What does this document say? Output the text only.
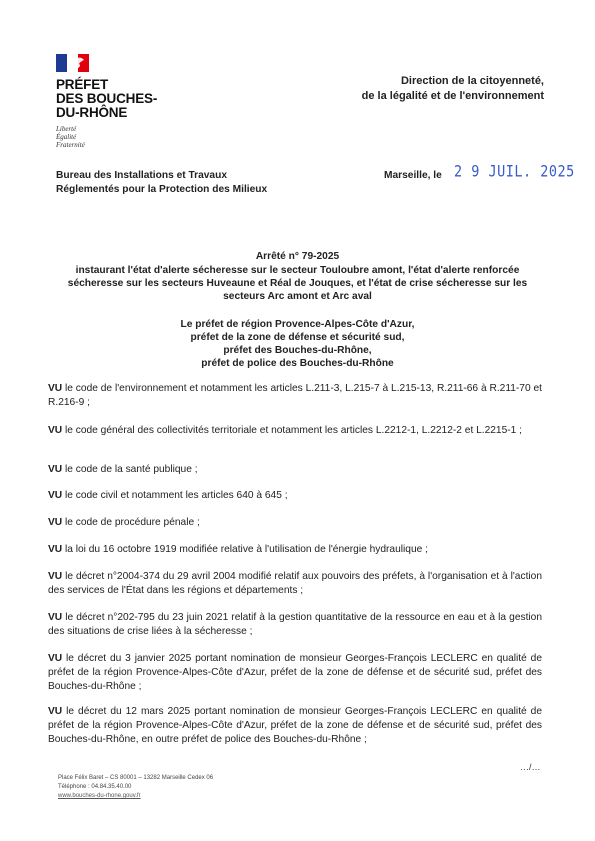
PRÉFET
DES BOUCHES-
DU-RHÔNE
Liberté
Égalité
Fraternité
Direction de la citoyenneté,
de la légalité et de l'environnement
Bureau des Installations et Travaux
Réglementés pour la Protection des Milieux
Marseille, le 2 9 JUIL. 2025
Arrêté n° 79-2025
instaurant l'état d'alerte sécheresse sur le secteur Touloubre amont, l'état d'alerte renforcée
sécheresse sur les secteurs Huveaune et Réal de Jouques, et l'état de crise sécheresse sur les
secteurs Arc amont et Arc aval
Le préfet de région Provence-Alpes-Côte d'Azur,
préfet de la zone de défense et sécurité sud,
préfet des Bouches-du-Rhône,
préfet de police des Bouches-du-Rhône
VU le code de l'environnement et notamment les articles L.211-3, L.215-7 à L.215-13, R.211-66 à R.211-70 et R.216-9 ;
VU le code général des collectivités territoriale et notamment les articles L.2212-1, L.2212-2 et L.2215-1 ;
VU le code de la santé publique ;
VU le code civil et notamment les articles 640 à 645 ;
VU le code de procédure pénale ;
VU la loi du 16 octobre 1919 modifiée relative à l'utilisation de l'énergie hydraulique ;
VU le décret n°2004-374 du 29 avril 2004 modifié relatif aux pouvoirs des préfets, à l'organisation et à l'action des services de l'État dans les régions et départements ;
VU le décret n°202-795 du 23 juin 2021 relatif à la gestion quantitative de la ressource en eau et à la gestion des situations de crise liées à la sécheresse ;
VU le décret du 3 janvier 2025 portant nomination de monsieur Georges-François LECLERC en qualité de préfet de la région Provence-Alpes-Côte d'Azur, préfet de la zone de défense et de sécurité sud, préfet des Bouches-du-Rhône ;
VU le décret du 12 mars 2025 portant nomination de monsieur Georges-François LECLERC en qualité de préfet de la région Provence-Alpes-Côte d'Azur, préfet de la zone de défense et de sécurité sud, préfet des Bouches-du-Rhône, en outre préfet de police des Bouches-du-Rhône ;
…/…
Place Félix Baret – CS 80001 – 13282 Marseille Cedex 06
Téléphone : 04.84.35.40.00
www.bouches-du-rhone.gouv.fr
